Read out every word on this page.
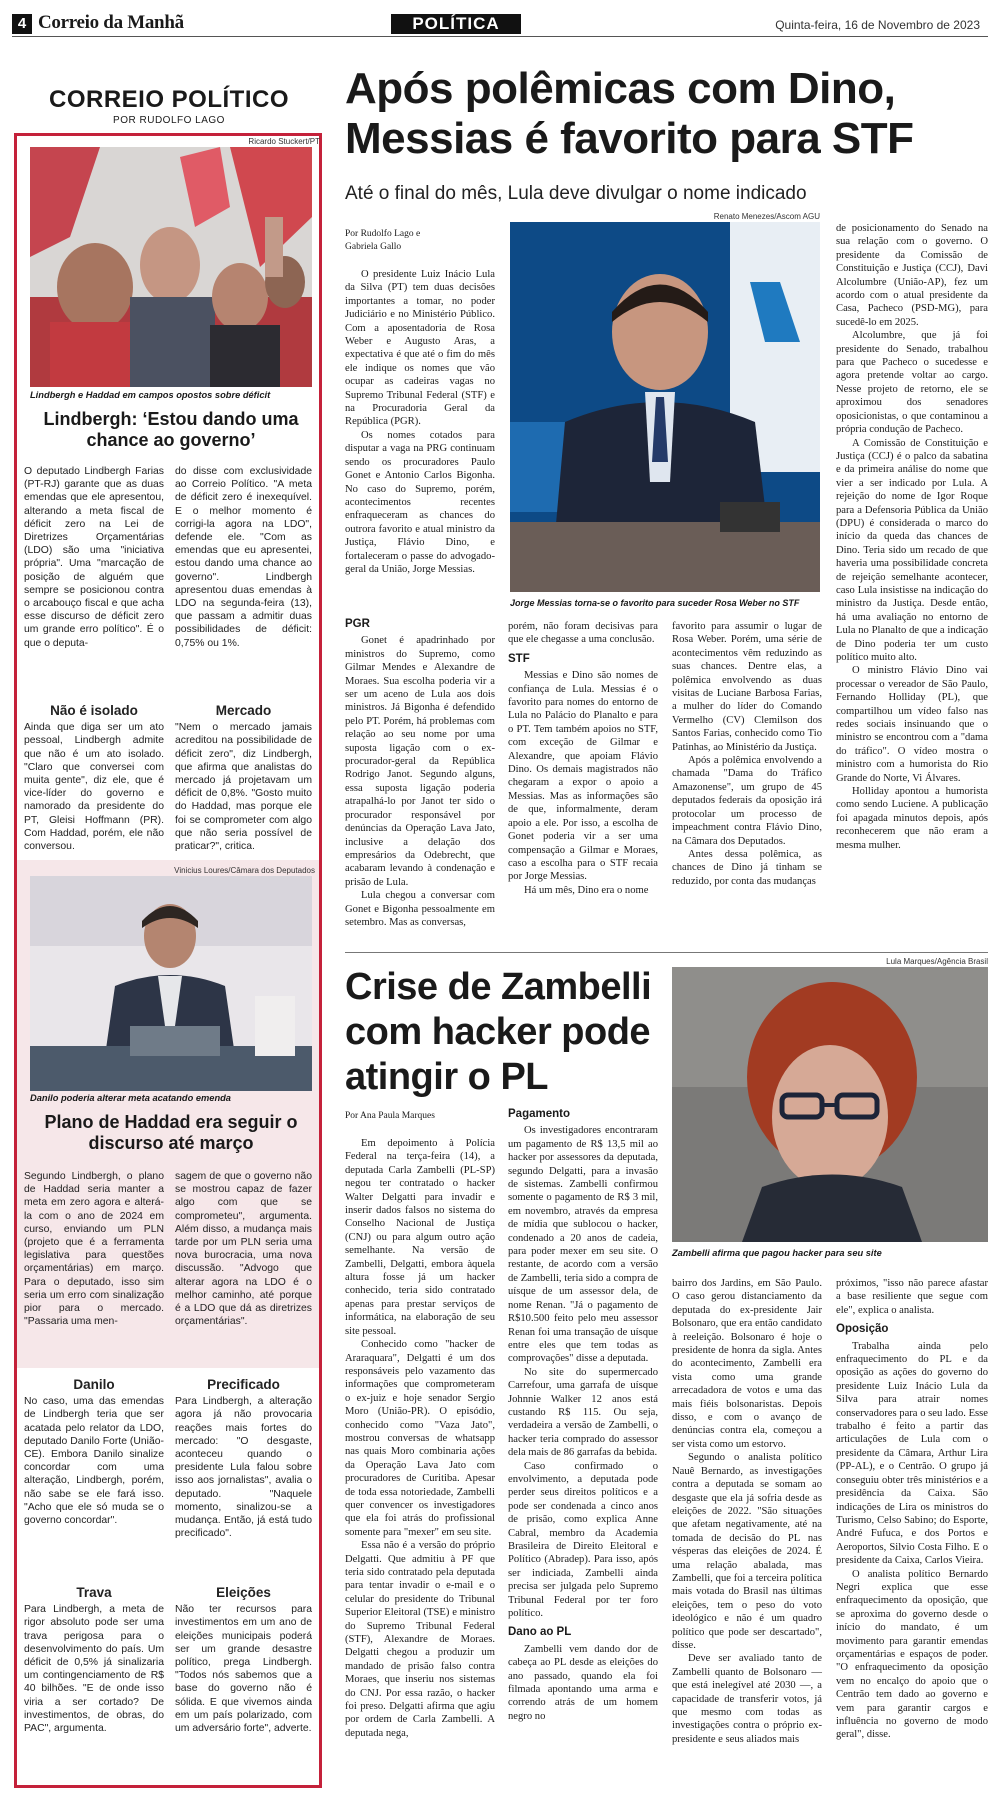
4 Correio da Manhã	POLÍTICA	Quinta-feira, 16 de Novembro de 2023
CORREIO POLÍTICO
POR RUDOLFO LAGO
Ricardo Stuckert/PT
Lindbergh e Haddad em campos opostos sobre déficit
Lindbergh: ‘Estou dando uma chance ao governo’

O deputado Lindbergh Farias (PT-RJ) garante que as duas emendas que ele apresentou, alterando a meta fiscal de déficit zero na Lei de Diretrizes Orçamentárias (LDO) são uma "iniciativa própria". Uma "marcação de posição de alguém que sempre se posicionou contra o arcabouço fiscal e que acha esse discurso de déficit zero um grande erro político". É o que o deputa-

do disse com exclusividade ao Correio Político. "A meta de déficit zero é inexequível. E o melhor momento é corrigi-la agora na LDO", defende ele. "Com as emendas que eu apresentei, estou dando uma chance ao governo". Lindbergh apresentou duas emendas à LDO na segunda-feira (13), que passam a admitir duas possibilidades de déficit: 0,75% ou 1%.

Não é isolado

Ainda que diga ser um ato pessoal, Lindbergh admite que não é um ato isolado. "Claro que conversei com muita gente", diz ele, que é vice-líder do governo e namorado da presidente do PT, Gleisi Hoffmann (PR). Com Haddad, porém, ele não conversou.

Mercado

"Nem o mercado jamais acreditou na possibilidade de déficit zero", diz Lindbergh, que afirma que analistas do mercado já projetavam um déficit de 0,8%. "Gosto muito do Haddad, mas porque ele foi se comprometer com algo que não seria possível de praticar?", critica.

Vinicius Loures/Câmara dos Deputados
Danilo poderia alterar meta acatando emenda
Plano de Haddad era seguir o discurso até março

Segundo Lindbergh, o plano de Haddad seria manter a meta em zero agora e alterá-la com o ano de 2024 em curso, enviando um PLN (projeto que é a ferramenta legislativa para questões orçamentárias) em março. Para o deputado, isso sim seria um erro com sinalização pior para o mercado. "Passaria uma men-

sagem de que o governo não se mostrou capaz de fazer algo com que se comprometeu", argumenta. Além disso, a mudança mais tarde por um PLN seria uma nova burocracia, uma nova discussão. "Advogo que alterar agora na LDO é o melhor caminho, até porque é a LDO que dá as diretrizes orçamentárias".

Danilo

No caso, uma das emendas de Lindbergh teria que ser acatada pelo relator da LDO, deputado Danilo Forte (União-CE). Embora Danilo sinalize concordar com uma alteração, Lindbergh, porém, não sabe se ele fará isso. "Acho que ele só muda se o governo concordar".

Precificado

Para Lindbergh, a alteração agora já não provocaria reações mais fortes do mercado: "O desgaste, aconteceu quando o presidente Lula falou sobre isso aos jornalistas", avalia o deputado. "Naquele momento, sinalizou-se a mudança. Então, já está tudo precificado".

Trava

Para Lindbergh, a meta de rigor absoluto pode ser uma trava perigosa para o desenvolvimento do país. Um déficit de 0,5% já sinalizaria um contingenciamento de R$ 40 bilhões. "E de onde isso viria a ser cortado? De investimentos, de obras, do PAC", argumenta.

Eleições

Não ter recursos para investimentos em um ano de eleições municipais poderá ser um grande desastre político, prega Lindbergh. "Todos nós sabemos que a base do governo não é sólida. E que vivemos ainda em um país polarizado, com um adversário forte", adverte.

Após polêmicas com Dino, Messias é favorito para STF
Até o final do mês, Lula deve divulgar o nome indicado
Por Rudolfo Lago e Gabriela Gallo
Renato Menezes/Ascom AGU
Jorge Messias torna-se o favorito para suceder Rosa Weber no STF

O presidente Luiz Inácio Lula da Silva (PT) tem duas decisões importantes a tomar, no poder Judiciário e no Ministério Público. Com a aposentadoria de Rosa Weber e Augusto Aras, a expectativa é que até o fim do mês ele indique os nomes que vão ocupar as cadeiras vagas no Supremo Tribunal Federal (STF) e na Procuradoria Geral da República (PGR).

Os nomes cotados para disputar a vaga na PRG continuam sendo os procuradores Paulo Gonet e Antonio Carlos Bigonha. No caso do Supremo, porém, acontecimentos recentes enfraqueceram as chances do outrora favorito e atual ministro da Justiça, Flávio Dino, e fortaleceram o passe do advogado-geral da União, Jorge Messias.

PGR

Gonet é apadrinhado por ministros do Supremo, como Gilmar Mendes e Alexandre de Moraes. Sua escolha poderia vir a ser um aceno de Lula aos dois ministros. Já Bigonha é defendido pelo PT. Porém, há problemas com relação ao seu nome por uma suposta ligação com o ex-procurador-geral da República Rodrigo Janot. Segundo alguns, essa suposta ligação poderia atrapalhá-lo por Janot ter sido o procurador responsável por denúncias da Operação Lava Jato, inclusive a delação dos empresários da Odebrecht, que acabaram levando à condenação e prisão de Lula.

Lula chegou a conversar com Gonet e Bigonha pessoalmente em setembro. Mas as conversas,

porém, não foram decisivas para que ele chegasse a uma conclusão.

STF

Messias e Dino são nomes de confiança de Lula. Messias é o favorito para nomes do entorno de Lula no Palácio do Planalto e para o PT. Tem também apoios no STF, com exceção de Gilmar e Alexandre, que apoiam Flávio Dino. Os demais magistrados não chegaram a expor o apoio a Messias. Mas as informações são de que, informalmente, deram apoio a ele. Por isso, a escolha de Gonet poderia vir a ser uma compensação a Gilmar e Moraes, caso a escolha para o STF recaia por Jorge Messias.

Há um mês, Dino era o nome

favorito para assumir o lugar de Rosa Weber. Porém, uma série de acontecimentos vêm reduzindo as suas chances. Dentre elas, a polêmica envolvendo as duas visitas de Luciane Barbosa Farias, a mulher do líder do Comando Vermelho (CV) Clemilson dos Santos Farias, conhecido como Tio Patinhas, ao Ministério da Justiça.

Após a polêmica envolvendo a chamada "Dama do Tráfico Amazonense", um grupo de 45 deputados federais da oposição irá protocolar um processo de impeachment contra Flávio Dino, na Câmara dos Deputados.

Antes dessa polêmica, as chances de Dino já tinham se reduzido, por conta das mudanças

de posicionamento do Senado na sua relação com o governo. O presidente da Comissão de Constituição e Justiça (CCJ), Davi Alcolumbre (União-AP), fez um acordo com o atual presidente da Casa, Pacheco (PSD-MG), para sucedê-lo em 2025.

Alcolumbre, que já foi presidente do Senado, trabalhou para que Pacheco o sucedesse e agora pretende voltar ao cargo. Nesse projeto de retorno, ele se aproximou dos senadores oposicionistas, o que contaminou a própria condução de Pacheco.

A Comissão de Constituição e Justiça (CCJ) é o palco da sabatina e da primeira análise do nome que vier a ser indicado por Lula. A rejeição do nome de Igor Roque para a Defensoria Pública da União (DPU) é considerada o marco do início da queda das chances de Dino. Teria sido um recado de que haveria uma possibilidade concreta de rejeição semelhante acontecer, caso Lula insistisse na indicação do ministro da Justiça. Desde então, há uma avaliação no entorno de Lula no Planalto de que a indicação de Dino poderia ter um custo político muito alto.

O ministro Flávio Dino vai processar o vereador de São Paulo, Fernando Holliday (PL), que compartilhou um vídeo falso nas redes sociais insinuando que o ministro se encontrou com a "dama do tráfico". O vídeo mostra o ministro com a humorista do Rio Grande do Norte, Vi Álvares.

Holliday apontou a humorista como sendo Luciene. A publicação foi apagada minutos depois, após reconhecerem que não eram a mesma mulher.

Crise de Zambelli com hacker pode atingir o PL
Lula Marques/Agência Brasil
Zambelli afirma que pagou hacker para seu site
Por Ana Paula Marques

Em depoimento à Polícia Federal na terça-feira (14), a deputada Carla Zambelli (PL-SP) negou ter contratado o hacker Walter Delgatti para invadir e inserir dados falsos no sistema do Conselho Nacional de Justiça (CNJ) ou para algum outro ação semelhante. Na versão de Zambelli, Delgatti, embora àquela altura fosse já um hacker conhecido, teria sido contratado apenas para prestar serviços de informática, na elaboração de seu site pessoal.

Conhecido como "hacker de Araraquara", Delgatti é um dos responsáveis pelo vazamento das informações que comprometeram o ex-juiz e hoje senador Sergio Moro (União-PR). O episódio, conhecido como "Vaza Jato", mostrou conversas de whatsapp nas quais Moro combinaria ações da Operação Lava Jato com procuradores de Curitiba. Apesar de toda essa notoriedade, Zambelli quer convencer os investigadores que ela foi atrás do profissional somente para "mexer" em seu site.

Essa não é a versão do próprio Delgatti. Que admitiu à PF que teria sido contratado pela deputada para tentar invadir o e-mail e o celular do presidente do Tribunal Superior Eleitoral (TSE) e ministro do Supremo Tribunal Federal (STF), Alexandre de Moraes. Delgatti chegou a produzir um mandado de prisão falso contra Moraes, que inseriu nos sistemas do CNJ. Por essa razão, o hacker foi preso. Delgatti afirma que agiu por ordem de Carla Zambelli. A deputada nega,

Pagamento

Os investigadores encontraram um pagamento de R$ 13,5 mil ao hacker por assessores da deputada, segundo Delgatti, para a invasão de sistemas. Zambelli confirmou somente o pagamento de R$ 3 mil, em novembro, através da empresa de mídia que sublocou o hacker, condenado a 20 anos de cadeia, para poder mexer em seu site. O restante, de acordo com a versão de Zambelli, teria sido a compra de uísque de um assessor dela, de nome Renan. "Já o pagamento de R$10.500 feito pelo meu assessor Renan foi uma transação de uísque entre eles que tem todas as comprovações" disse a deputada.

No site do supermercado Carrefour, uma garrafa de uísque Johnnie Walker 12 anos está custando R$ 115. Ou seja, verdadeira a versão de Zambelli, o hacker teria comprado do assessor dela mais de 86 garrafas da bebida.

Caso confirmado o envolvimento, a deputada pode perder seus direitos políticos e a pode ser condenada a cinco anos de prisão, como explica Anne Cabral, membro da Academia Brasileira de Direito Eleitoral e Político (Abradep). Para isso, após ser indiciada, Zambelli ainda precisa ser julgada pelo Supremo Tribunal Federal por ter foro político.

Dano ao PL

Zambelli vem dando dor de cabeça ao PL desde as eleições do ano passado, quando ela foi filmada apontando uma arma e correndo atrás de um homem negro no

bairro dos Jardins, em São Paulo. O caso gerou distanciamento da deputada do ex-presidente Jair Bolsonaro, que era então candidato à reeleição. Bolsonaro é hoje o presidente de honra da sigla. Antes do acontecimento, Zambelli era vista como uma grande arrecadadora de votos e uma das mais fiéis bolsonaristas. Depois disso, e com o avanço de denúncias contra ela, começou a ser vista como um estorvo.

Segundo o analista político Nauê Bernardo, as investigações contra a deputada se somam ao desgaste que ela já sofria desde as eleições de 2022. "São situações que afetam negativamente, até na tomada de decisão do PL nas vésperas das eleições de 2024. É uma relação abalada, mas Zambelli, que foi a terceira política mais votada do Brasil nas últimas eleições, tem o peso do voto ideológico e não é um quadro político que pode ser descartado", disse.

Deve ser avaliado tanto de Zambelli quanto de Bolsonaro — que está inelegível até 2030 —, a capacidade de transferir votos, já que mesmo com todas as investigações contra o próprio ex-presidente e seus aliados mais

próximos, "isso não parece afastar a base resiliente que segue com ele", explica o analista.

Oposição

Trabalha ainda pelo enfraquecimento do PL e da oposição as ações do governo do presidente Luiz Inácio Lula da Silva para atrair nomes conservadores para o seu lado. Esse trabalho é feito a partir das articulações de Lula com o presidente da Câmara, Arthur Lira (PP-AL), e o Centrão. O grupo já conseguiu obter três ministérios e a presidência da Caixa. São indicações de Lira os ministros do Turismo, Celso Sabino; do Esporte, André Fufuca, e dos Portos e Aeroportos, Silvio Costa Filho. E o presidente da Caixa, Carlos Vieira.

O analista político Bernardo Negri explica que esse enfraquecimento da oposição, que se aproxima do governo desde o início do mandato, é um movimento para garantir emendas orçamentárias e espaços de poder. "O enfraquecimento da oposição vem no encalço do apoio que o Centrão tem dado ao governo e vem para garantir cargos e influência no governo de modo geral", disse.
